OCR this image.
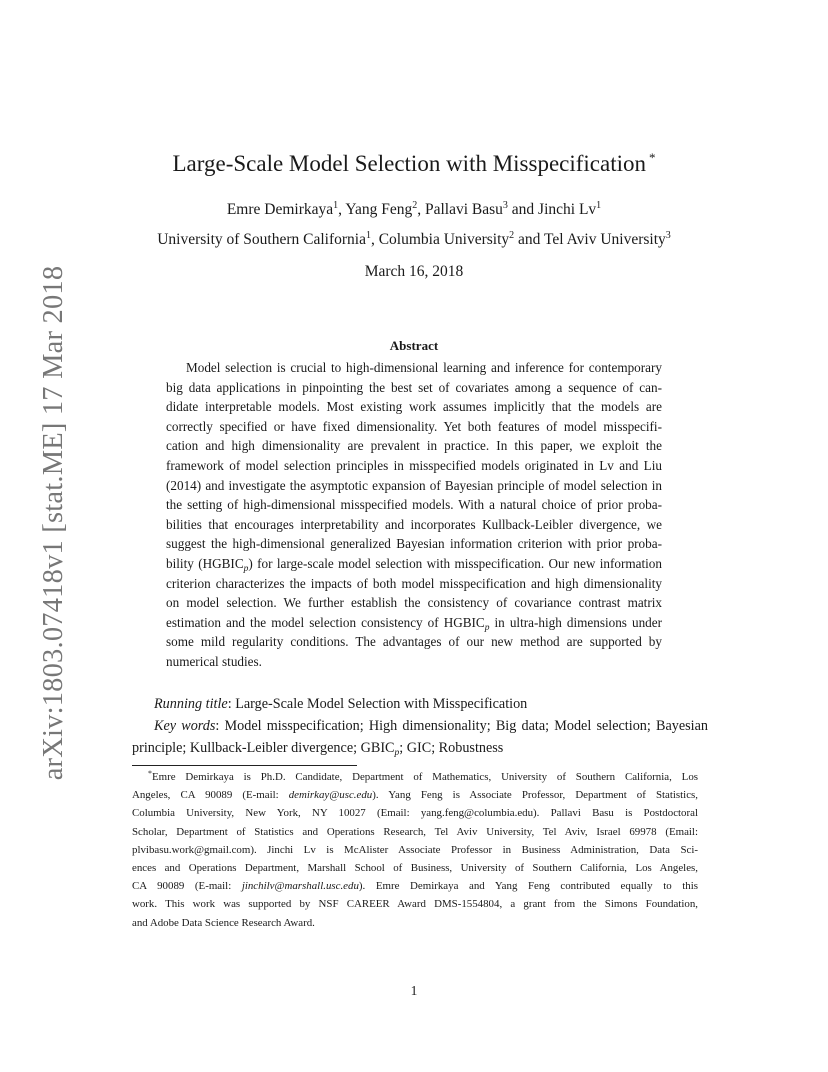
arXiv:1803.07418v1 [stat.ME] 17 Mar 2018
Large-Scale Model Selection with Misspecification *
Emre Demirkaya$^1$, Yang Feng$^2$, Pallavi Basu$^3$ and Jinchi Lv$^1$
University of Southern California$^1$, Columbia University$^2$ and Tel Aviv University$^3$
March 16, 2018
Abstract
Model selection is crucial to high-dimensional learning and inference for contemporary
big data applications in pinpointing the best set of covariates among a sequence of can-
didate interpretable models. Most existing work assumes implicitly that the models are
correctly specified or have fixed dimensionality. Yet both features of model misspecifi-
cation and high dimensionality are prevalent in practice. In this paper, we exploit the
framework of model selection principles in misspecified models originated in Lv and Liu
(2014) and investigate the asymptotic expansion of Bayesian principle of model selection in
the setting of high-dimensional misspecified models. With a natural choice of prior proba-
bilities that encourages interpretability and incorporates Kullback-Leibler divergence, we
suggest the high-dimensional generalized Bayesian information criterion with prior proba-
bility $(HGBIC_p)$ for large-scale model selection with misspecification. Our new information
criterion characterizes the impacts of both model misspecification and high dimensionality
on model selection. We further establish the consistency of covariance contrast matrix
estimation and the model selection consistency of $HGBIC_p$ in ultra-high dimensions under
some mild regularity conditions. The advantages of our new method are supported by
numerical studies.
Running title: Large-Scale Model Selection with Misspecification
Key words: Model misspecification; High dimensionality; Big data; Model selection; Bayesian
principle; Kullback-Leibler divergence; $GBIC_p$; GIC; Robustness
*Emre Demirkaya is Ph.D. Candidate, Department of Mathematics, University of Southern California, Los
Angeles, CA 90089 (E-mail: demirkay@usc.edu). Yang Feng is Associate Professor, Department of Statistics,
Columbia University, New York, NY 10027 (Email: yang.feng@columbia.edu). Pallavi Basu is Postdoctoral
Scholar, Department of Statistics and Operations Research, Tel Aviv University, Tel Aviv, Israel 69978 (Email:
plvibasu.work@gmail.com). Jinchi Lv is McAlister Associate Professor in Business Administration, Data Sci-
ences and Operations Department, Marshall School of Business, University of Southern California, Los Angeles,
CA 90089 (E-mail: jinchilv@marshall.usc.edu). Emre Demirkaya and Yang Feng contributed equally to this
work. This work was supported by NSF CAREER Award DMS-1554804, a grant from the Simons Foundation,
and Adobe Data Science Research Award.
1
